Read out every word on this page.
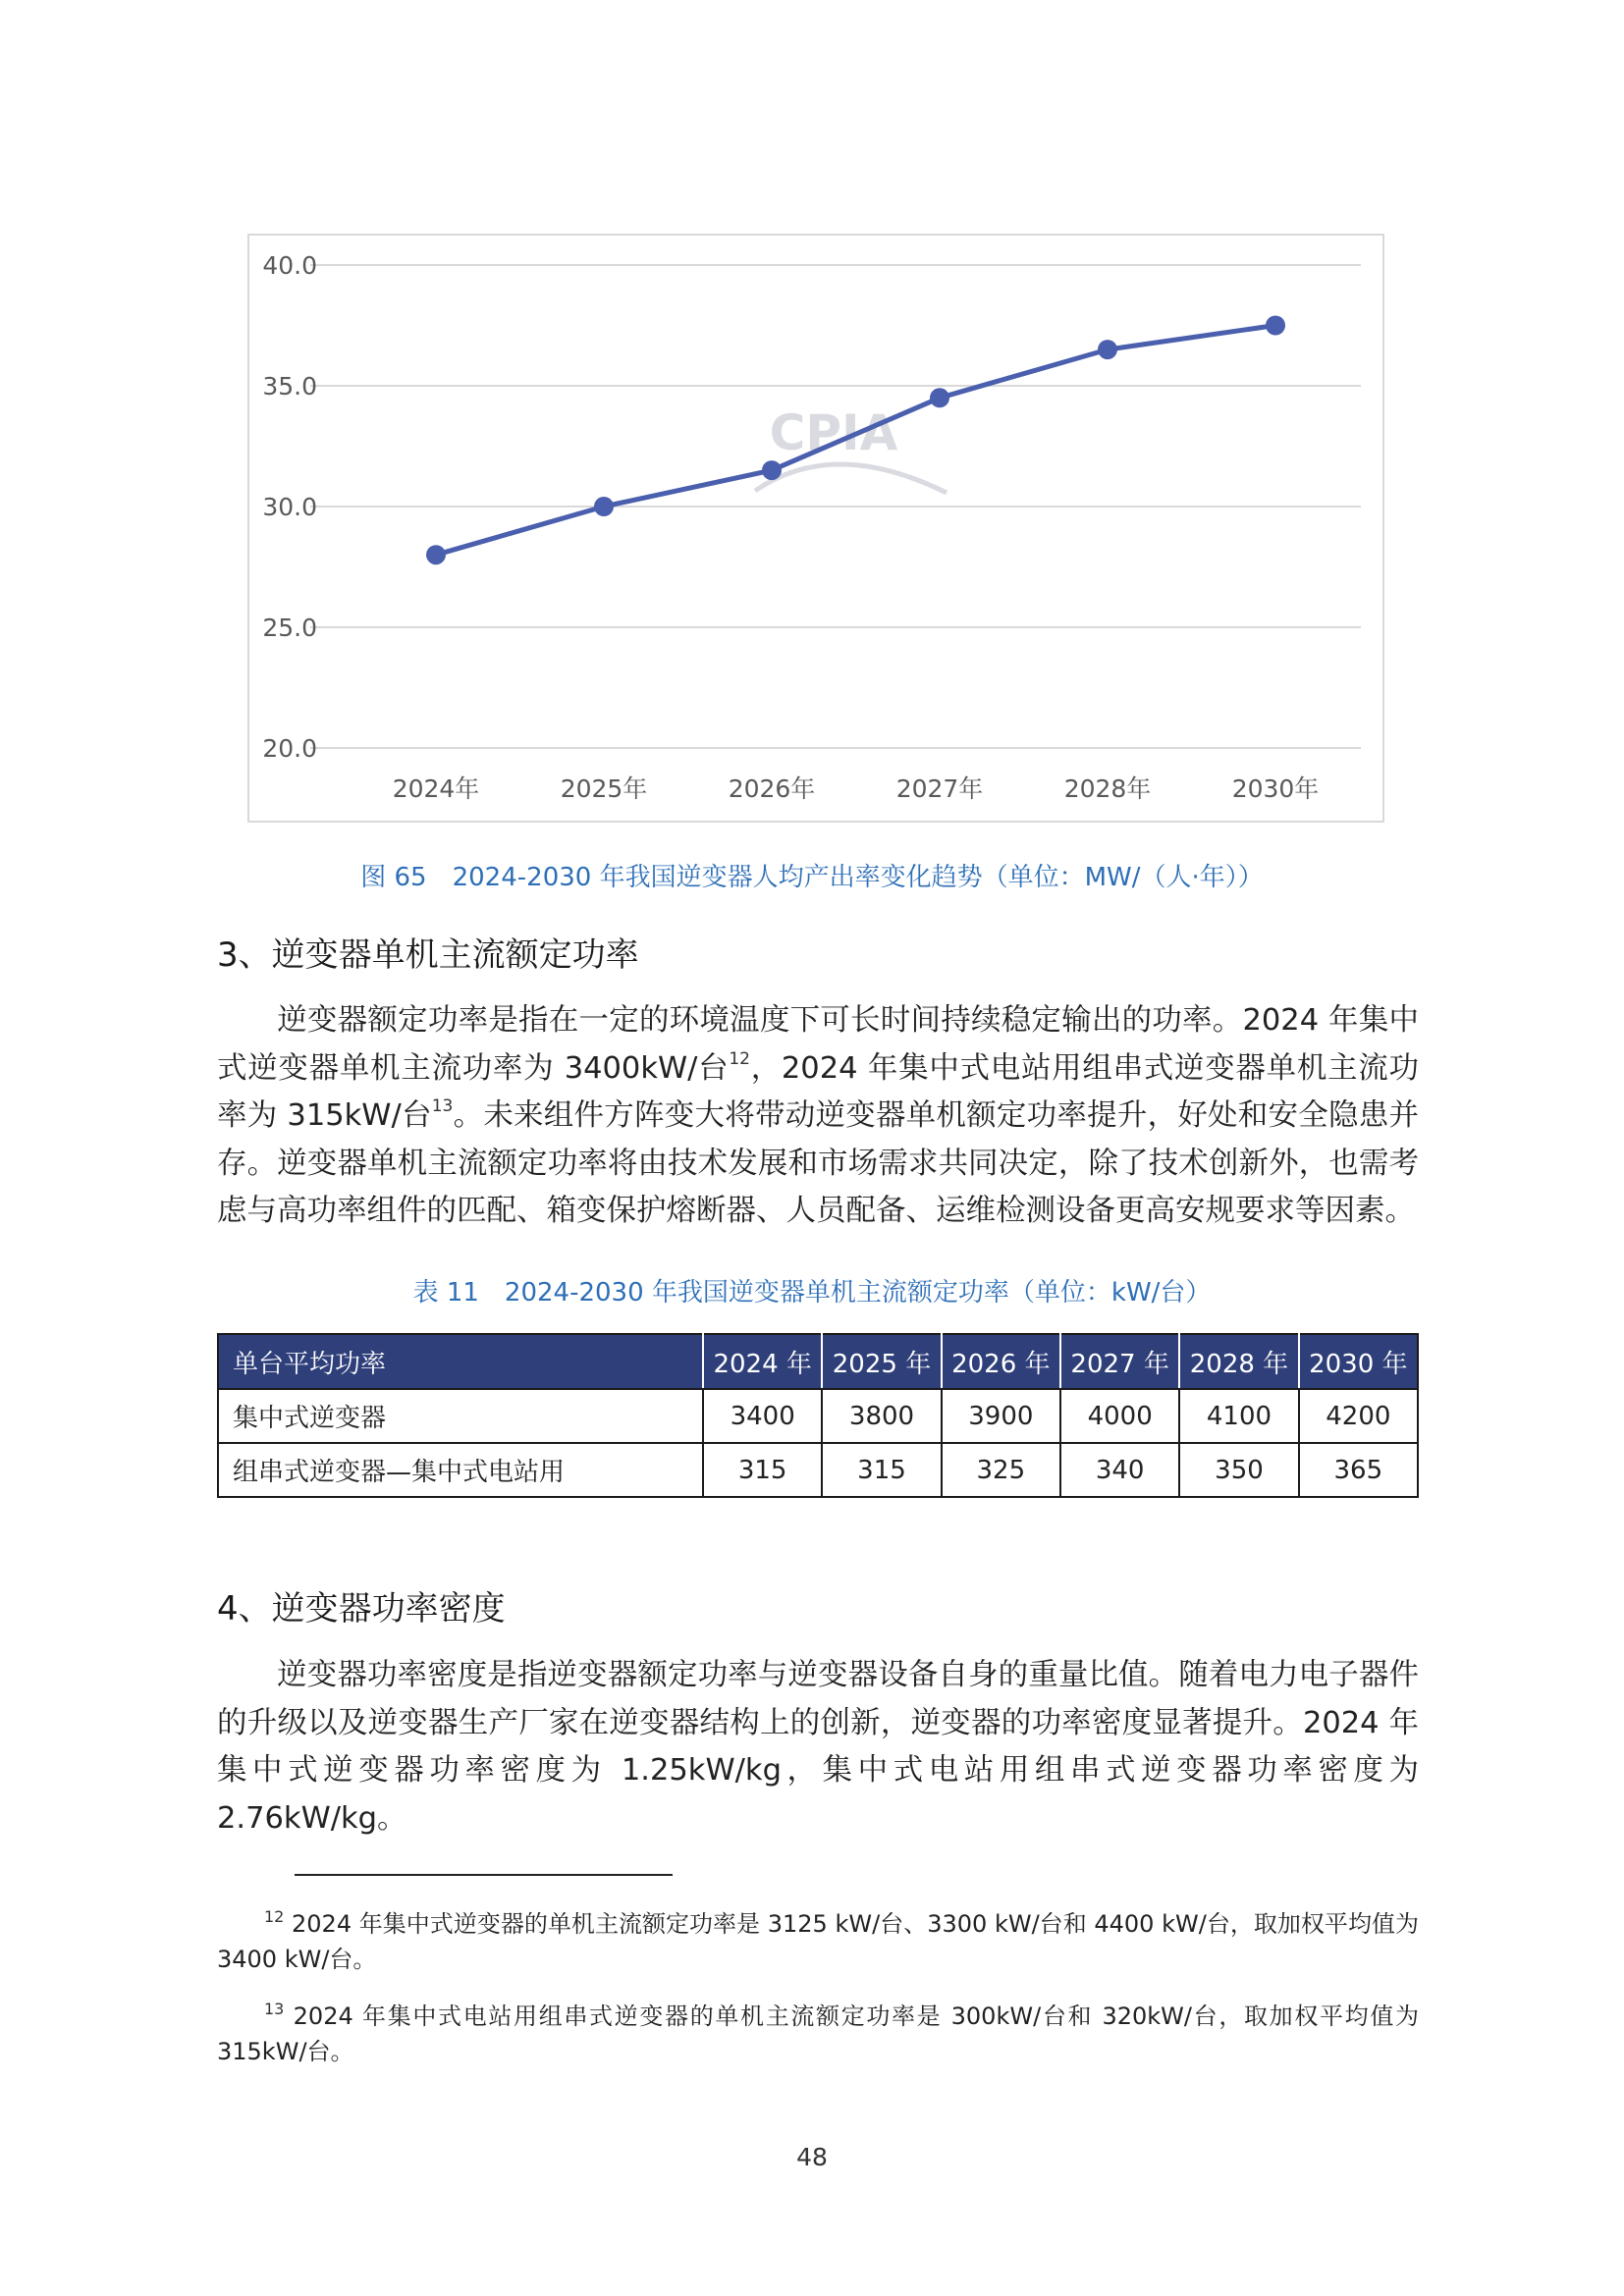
40.0
35.0
30.0
25.0
20.0
CPIA
2024年	2025年	2026年	2027年	2028年	2030年
图 65　2024-2030 年我国逆变器人均产出率变化趋势（单位：MW/（人·年））
3、逆变器单机主流额定功率
逆变器额定功率是指在一定的环境温度下可长时间持续稳定输出的功率。2024 年集中式逆变器单机主流功率为 3400kW/台$^{12}$，2024 年集中式电站用组串式逆变器单机主流功率为 315kW/台$^{13}$。未来组件方阵变大将带动逆变器单机额定功率提升，好处和安全隐患并存。逆变器单机主流额定功率将由技术发展和市场需求共同决定，除了技术创新外，也需考虑与高功率组件的匹配、箱变保护熔断器、人员配备、运维检测设备更高安规要求等因素。
表 11　2024-2030 年我国逆变器单机主流额定功率（单位：kW/台）
单台平均功率	2024 年	2025 年	2026 年	2027 年	2028 年	2030 年
集中式逆变器	3400	3800	3900	4000	4100	4200
组串式逆变器—集中式电站用	315	315	325	340	350	365
4、逆变器功率密度
逆变器功率密度是指逆变器额定功率与逆变器设备自身的重量比值。随着电力电子器件的升级以及逆变器生产厂家在逆变器结构上的创新，逆变器的功率密度显著提升。2024 年集中式逆变器功率密度为 1.25kW/kg，集中式电站用组串式逆变器功率密度为 2.76kW/kg。
$^{12}$ 2024 年集中式逆变器的单机主流额定功率是 3125 kW/台、3300 kW/台和 4400 kW/台，取加权平均值为 3400 kW/台。
$^{13}$ 2024 年集中式电站用组串式逆变器的单机主流额定功率是 300kW/台和 320kW/台，取加权平均值为 315kW/台。
48
